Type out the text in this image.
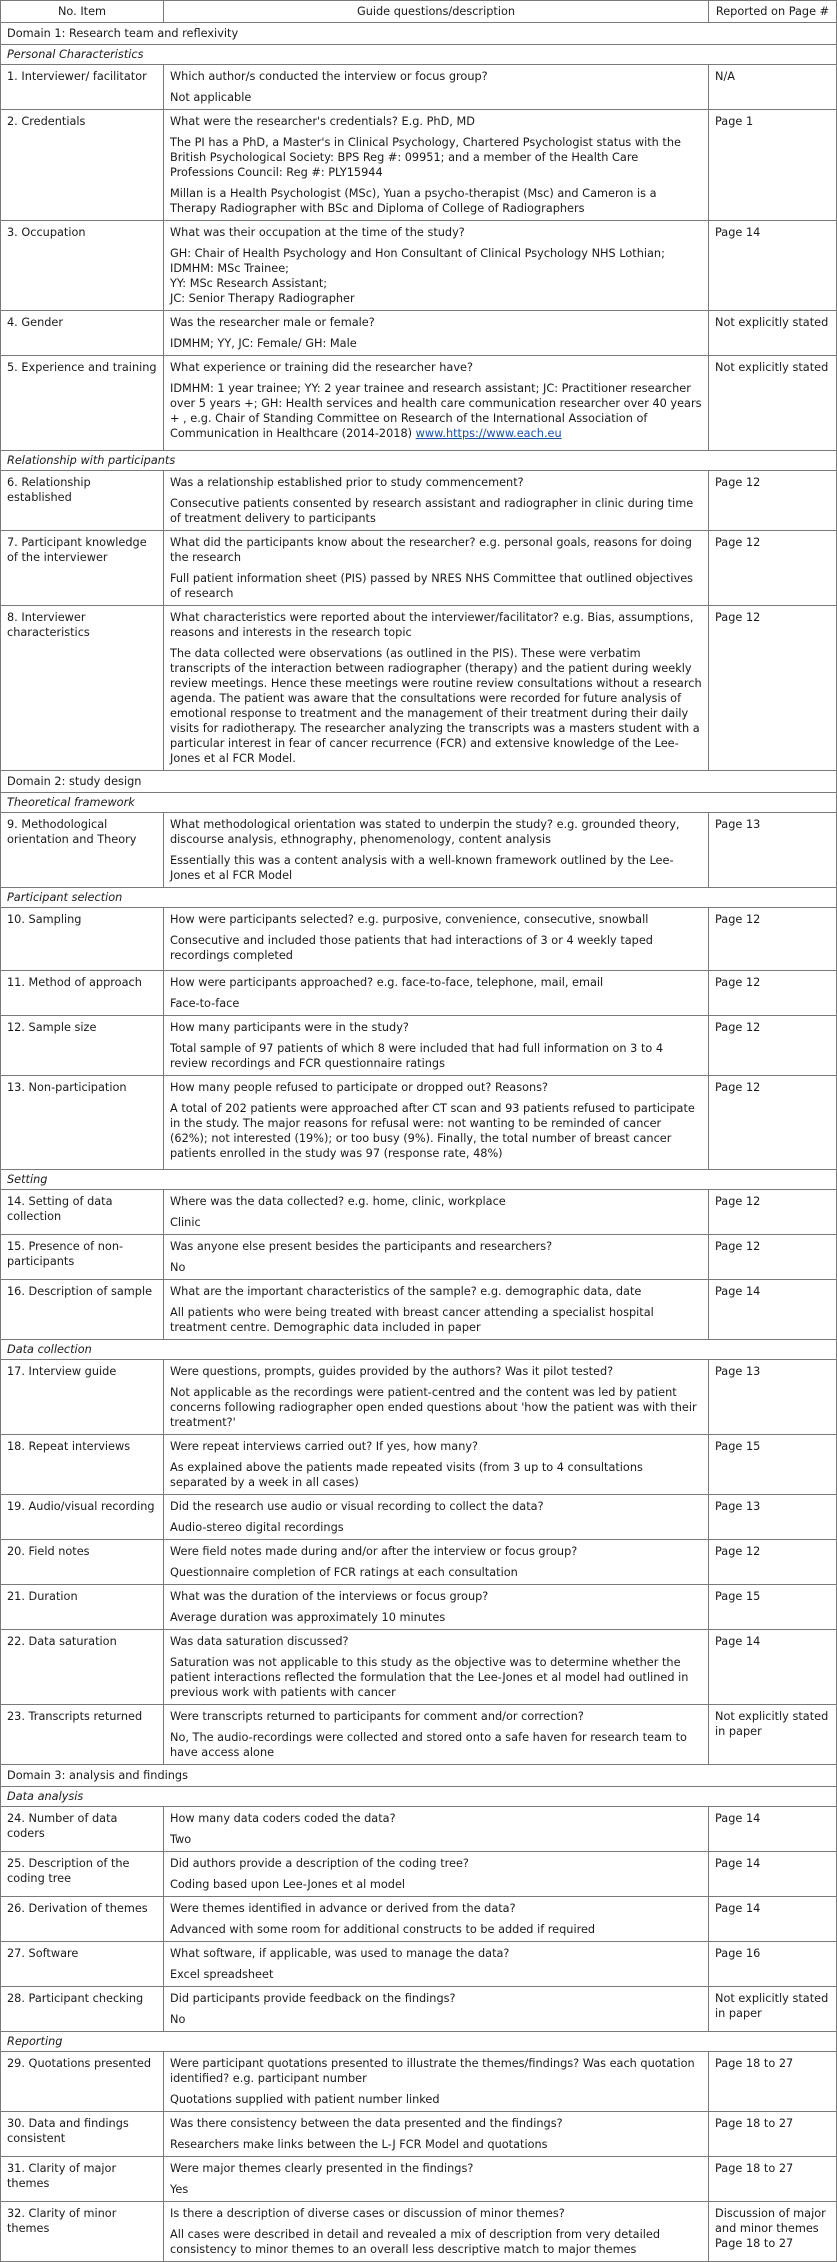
No. Item	Guide questions/description	Reported on Page #
Domain 1: Research team and reflexivity		
Personal Characteristics		
1. Interviewer/ facilitator	Which author/s conducted the interview or focus group?
Not applicable	N/A
2. Credentials	What were the researcher's credentials? E.g. PhD, MD
The PI has a PhD, a Master's in Clinical Psychology, Chartered Psychologist status with the British Psychological Society: BPS Reg #: 09951; and a member of the Health Care Professions Council: Reg #: PLY15944
Millan is a Health Psychologist (MSc), Yuan a psycho-therapist (Msc) and Cameron is a Therapy Radiographer with BSc and Diploma of College of Radiographers	Page 1
3. Occupation	What was their occupation at the time of the study?
GH: Chair of Health Psychology and Hon Consultant of Clinical Psychology NHS Lothian;
IDMHM: MSc Trainee;
YY: MSc Research Assistant;
JC: Senior Therapy Radiographer	Page 14
4. Gender	Was the researcher male or female?
IDMHM; YY, JC: Female/ GH: Male	Not explicitly stated
5. Experience and training	What experience or training did the researcher have?
IDMHM: 1 year trainee; YY: 2 year trainee and research assistant; JC: Practitioner researcher over 5 years +; GH: Health services and health care communication researcher over 40 years + , e.g. Chair of Standing Committee on Research of the International Association of Communication in Healthcare (2014-2018) www.https://www.each.eu	Not explicitly stated
Relationship with participants		
6. Relationship established	Was a relationship established prior to study commencement?
Consecutive patients consented by research assistant and radiographer in clinic during time of treatment delivery to participants	Page 12
7. Participant knowledge of the interviewer	What did the participants know about the researcher? e.g. personal goals, reasons for doing the research
Full patient information sheet (PIS) passed by NRES NHS Committee that outlined objectives of research	Page 12
8. Interviewer characteristics	What characteristics were reported about the interviewer/facilitator? e.g. Bias, assumptions, reasons and interests in the research topic
The data collected were observations (as outlined in the PIS). These were verbatim transcripts of the interaction between radiographer (therapy) and the patient during weekly review meetings. Hence these meetings were routine review consultations without a research agenda. The patient was aware that the consultations were recorded for future analysis of emotional response to treatment and the management of their treatment during their daily visits for radiotherapy. The researcher analyzing the transcripts was a masters student with a particular interest in fear of cancer recurrence (FCR) and extensive knowledge of the Lee-Jones et al FCR Model.	Page 12
Domain 2: study design		
Theoretical framework		
9. Methodological orientation and Theory	What methodological orientation was stated to underpin the study? e.g. grounded theory, discourse analysis, ethnography, phenomenology, content analysis
Essentially this was a content analysis with a well-known framework outlined by the Lee-Jones et al FCR Model	Page 13
Participant selection		
10. Sampling	How were participants selected? e.g. purposive, convenience, consecutive, snowball
Consecutive and included those patients that had interactions of 3 or 4 weekly taped recordings completed	Page 12
11. Method of approach	How were participants approached? e.g. face-to-face, telephone, mail, email
Face-to-face	Page 12
12. Sample size	How many participants were in the study?
Total sample of 97 patients of which 8 were included that had full information on 3 to 4 review recordings and FCR questionnaire ratings	Page 12
13. Non-participation	How many people refused to participate or dropped out? Reasons?
A total of 202 patients were approached after CT scan and 93 patients refused to participate in the study. The major reasons for refusal were: not wanting to be reminded of cancer (62%); not interested (19%); or too busy (9%). Finally, the total number of breast cancer patients enrolled in the study was 97 (response rate, 48%)	Page 12
Setting		
14. Setting of data collection	Where was the data collected? e.g. home, clinic, workplace
Clinic	Page 12
15. Presence of non-participants	Was anyone else present besides the participants and researchers?
No	Page 12
16. Description of sample	What are the important characteristics of the sample? e.g. demographic data, date
All patients who were being treated with breast cancer attending a specialist hospital treatment centre. Demographic data included in paper	Page 14
Data collection		
17. Interview guide	Were questions, prompts, guides provided by the authors? Was it pilot tested?
Not applicable as the recordings were patient-centred and the content was led by patient concerns following radiographer open ended questions about 'how the patient was with their treatment?'	Page 13
18. Repeat interviews	Were repeat interviews carried out? If yes, how many?
As explained above the patients made repeated visits (from 3 up to 4 consultations separated by a week in all cases)	Page 15
19. Audio/visual recording	Did the research use audio or visual recording to collect the data?
Audio-stereo digital recordings	Page 13
20. Field notes	Were field notes made during and/or after the interview or focus group?
Questionnaire completion of FCR ratings at each consultation	Page 12
21. Duration	What was the duration of the interviews or focus group?
Average duration was approximately 10 minutes	Page 15
22. Data saturation	Was data saturation discussed?
Saturation was not applicable to this study as the objective was to determine whether the patient interactions reflected the formulation that the Lee-Jones et al model had outlined in previous work with patients with cancer	Page 14
23. Transcripts returned	Were transcripts returned to participants for comment and/or correction?
No, The audio-recordings were collected and stored onto a safe haven for research team to have access alone	Not explicitly stated in paper
Domain 3: analysis and findings		
Data analysis		
24. Number of data coders	How many data coders coded the data?
Two	Page 14
25. Description of the coding tree	Did authors provide a description of the coding tree?
Coding based upon Lee-Jones et al model	Page 14
26. Derivation of themes	Were themes identified in advance or derived from the data?
Advanced with some room for additional constructs to be added if required	Page 14
27. Software	What software, if applicable, was used to manage the data?
Excel spreadsheet	Page 16
28. Participant checking	Did participants provide feedback on the findings?
No	Not explicitly stated in paper
Reporting		
29. Quotations presented	Were participant quotations presented to illustrate the themes/findings? Was each quotation identified? e.g. participant number
Quotations supplied with patient number linked	Page 18 to 27
30. Data and findings consistent	Was there consistency between the data presented and the findings?
Researchers make links between the L-J FCR Model and quotations	Page 18 to 27
31. Clarity of major themes	Were major themes clearly presented in the findings?
Yes	Page 18 to 27
32. Clarity of minor themes	Is there a description of diverse cases or discussion of minor themes?
All cases were described in detail and revealed a mix of description from very detailed consistency to minor themes to an overall less descriptive match to major themes	Discussion of major and minor themes Page 18 to 27
